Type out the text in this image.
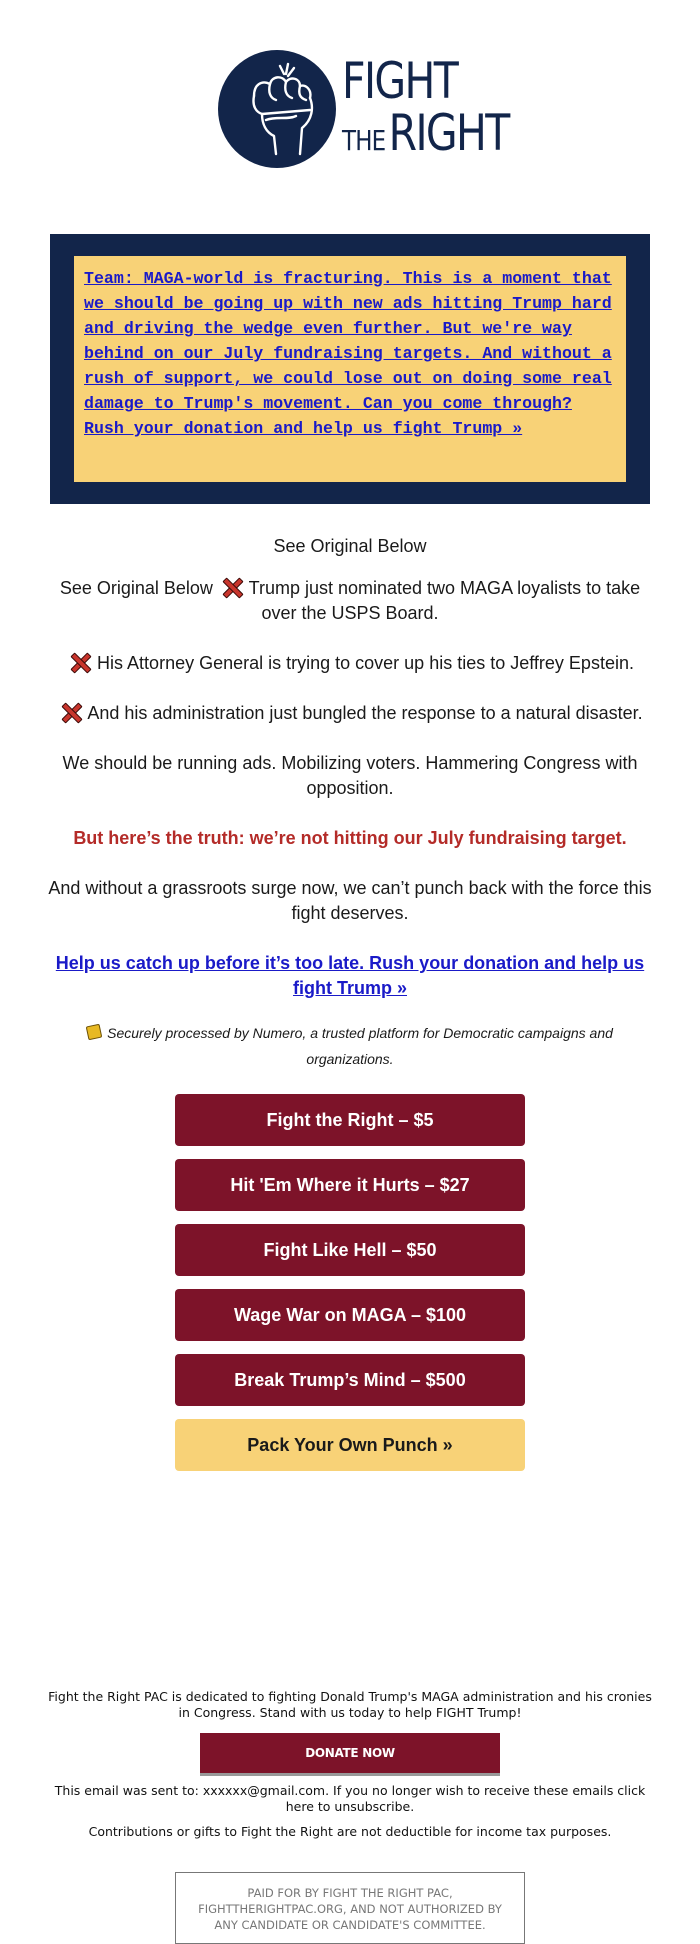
FIGHT
THE RIGHT
Team: MAGA-world is fracturing. This is a moment that we should be going up with new ads hitting Trump hard and driving the wedge even further. But we're way behind on our July fundraising targets. And without a rush of support, we could lose out on doing some real damage to Trump's movement. Can you come through? Rush your donation and help us fight Trump »
See Original Below
See Original Below Trump just nominated two MAGA loyalists to take over the USPS Board.
His Attorney General is trying to cover up his ties to Jeffrey Epstein.
And his administration just bungled the response to a natural disaster.
We should be running ads. Mobilizing voters. Hammering Congress with opposition.
But here’s the truth: we’re not hitting our July fundraising target.
And without a grassroots surge now, we can’t punch back with the force this fight deserves.
Help us catch up before it’s too late. Rush your donation and help us fight Trump »
Securely processed by Numero, a trusted platform for Democratic campaigns and organizations.
Fight the Right – $5
Hit 'Em Where it Hurts – $27
Fight Like Hell – $50
Wage War on MAGA – $100
Break Trump’s Mind – $500
Pack Your Own Punch »
Fight the Right PAC is dedicated to fighting Donald Trump's MAGA administration and his cronies in Congress. Stand with us today to help FIGHT Trump!
DONATE NOW
This email was sent to: xxxxxx@gmail.com. If you no longer wish to receive these emails click here to unsubscribe.
Contributions or gifts to Fight the Right are not deductible for income tax purposes.
PAID FOR BY FIGHT THE RIGHT PAC, FIGHTTHERIGHTPAC.ORG, AND NOT AUTHORIZED BY ANY CANDIDATE OR CANDIDATE'S COMMITTEE.
